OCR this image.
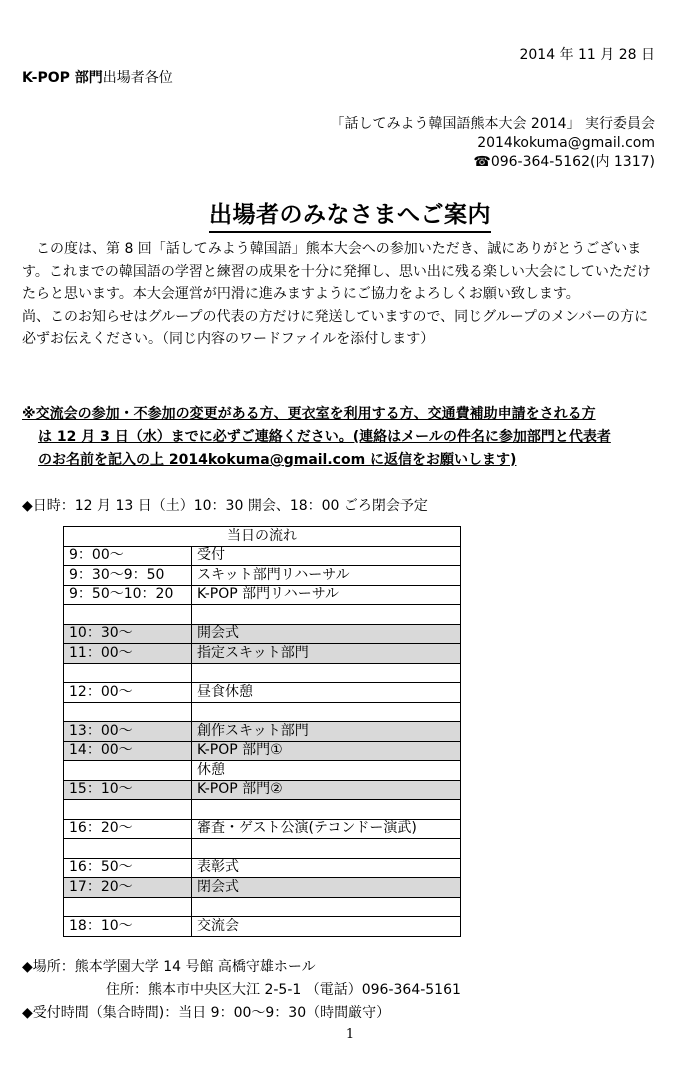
2014 年 11 月 28 日
K-POP 部門出場者各位
「話してみよう韓国語熊本大会 2014」 実行委員会
2014kokuma@gmail.com
☎096-364-5162(内 1317)
出場者のみなさまへご案内
　この度は、第 8 回「話してみよう韓国語」熊本大会への参加いただき、誠にありがとうございます。これまでの韓国語の学習と練習の成果を十分に発揮し、思い出に残る楽しい大会にしていただけたらと思います。本大会運営が円滑に進みますようにご協力をよろしくお願い致します。
尚、このお知らせはグループの代表の方だけに発送していますので、同じグループのメンバーの方に必ずお伝えください。（同じ内容のワードファイルを添付します）
※交流会の参加・不参加の変更がある方、更衣室を利用する方、交通費補助申請をされる方
は 12 月 3 日（水）までに必ずご連絡ください。(連絡はメールの件名に参加部門と代表者
のお名前を記入の上 2014kokuma@gmail.com に返信をお願いします)
◆日時：12 月 13 日（土）10：30 開会、18：00 ごろ閉会予定
当日の流れ	
9：00～	受付
9：30～9：50	スキット部門リハーサル
9：50～10：20	K-POP 部門リハーサル

10：30～	開会式
11：00～	指定スキット部門

12：00～	昼食休憩

13：00～	創作スキット部門
14：00～	K-POP 部門①
	休憩
15：10～	K-POP 部門②

16：20～	審査・ゲスト公演(テコンドー演武)

16：50～	表彰式
17：20～	閉会式

18：10～	交流会
◆場所：熊本学園大学 14 号館 高橋守雄ホール
住所：熊本市中央区大江 2-5-1 （電話）096-364-5161
◆受付時間（集合時間)：当日 9：00～9：30（時間厳守）
1
